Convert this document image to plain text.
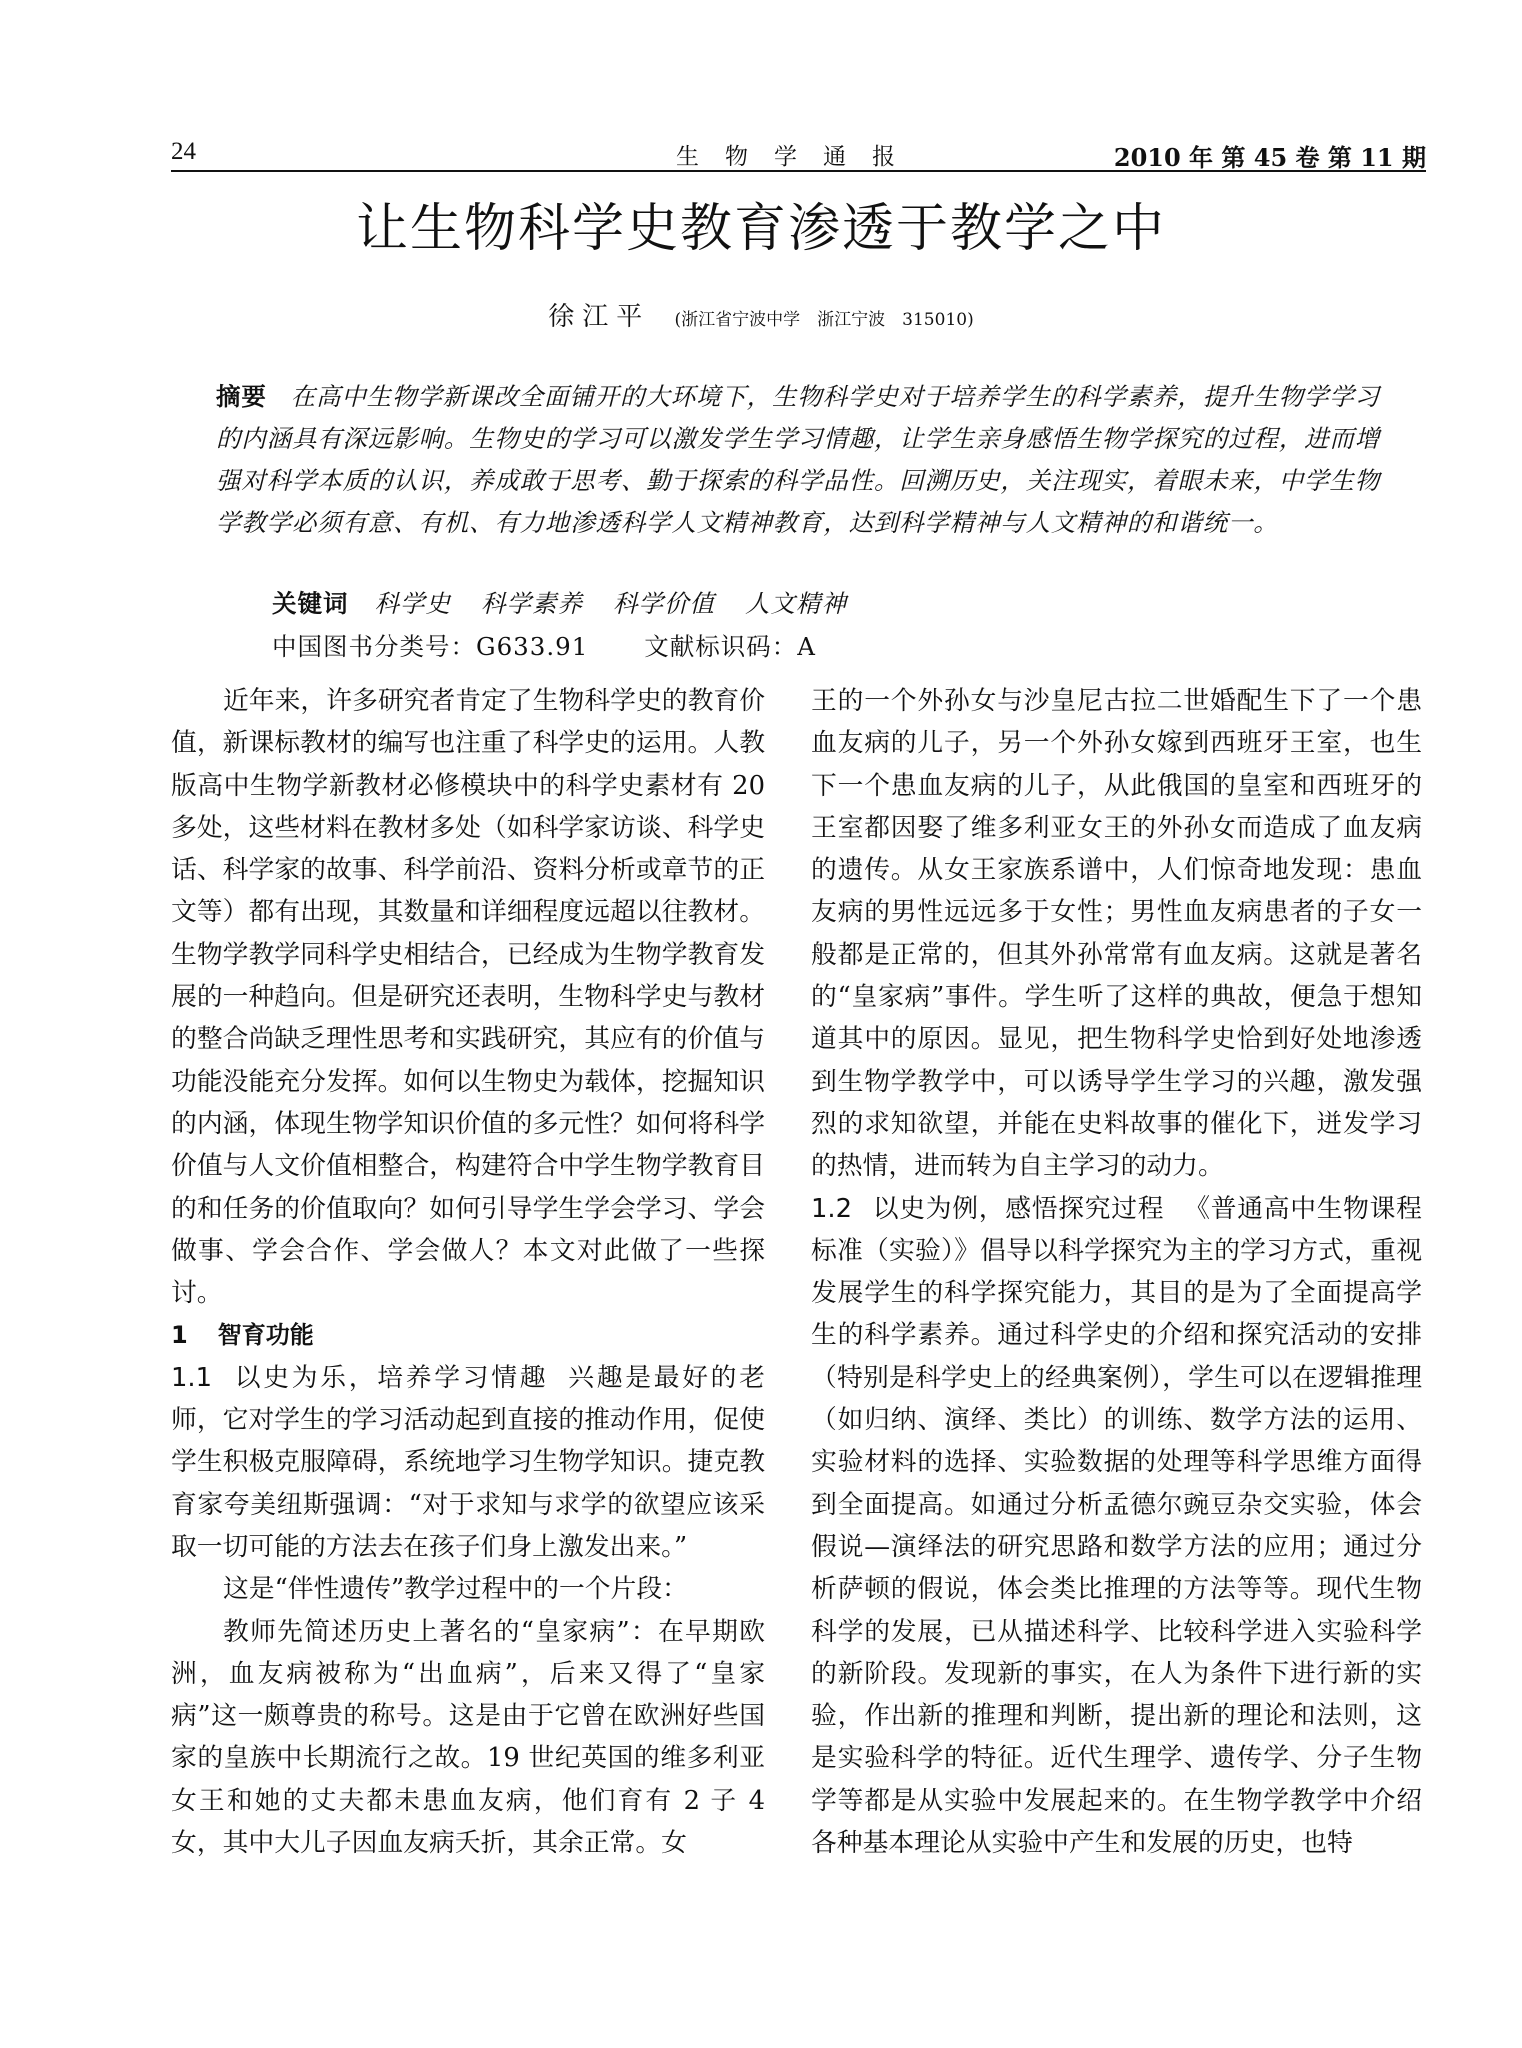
24	生物学通报	2010 年 第 45 卷 第 11 期
让生物科学史教育渗透于教学之中
徐江平 (浙江省宁波中学　浙江宁波　315010)

摘要 在高中生物学新课改全面铺开的大环境下，生物科学史对于培养学生的科学素养，提升生物学学习的内涵具有深远影响。生物史的学习可以激发学生学习情趣，让学生亲身感悟生物学探究的过程，进而增强对科学本质的认识，养成敢于思考、勤于探索的科学品性。回溯历史，关注现实，着眼未来，中学生物学教学必须有意、有机、有力地渗透科学人文精神教育，达到科学精神与人文精神的和谐统一。

关键词 科学史 科学素养 科学价值 人文精神
中国图书分类号：G633.91 文献标识码：A

近年来，许多研究者肯定了生物科学史的教育价值，新课标教材的编写也注重了科学史的运用。人教版高中生物学新教材必修模块中的科学史素材有 20 多处，这些材料在教材多处（如科学家访谈、科学史话、科学家的故事、科学前沿、资料分析或章节的正文等）都有出现，其数量和详细程度远超以往教材。生物学教学同科学史相结合，已经成为生物学教育发展的一种趋向。但是研究还表明，生物科学史与教材的整合尚缺乏理性思考和实践研究，其应有的价值与功能没能充分发挥。如何以生物史为载体，挖掘知识的内涵，体现生物学知识价值的多元性？如何将科学价值与人文价值相整合，构建符合中学生物学教育目的和任务的价值取向？如何引导学生学会学习、学会做事、学会合作、学会做人？本文对此做了一些探讨。

1 智育功能

1.1 以史为乐，培养学习情趣 兴趣是最好的老师，它对学生的学习活动起到直接的推动作用，促使学生积极克服障碍，系统地学习生物学知识。捷克教育家夸美纽斯强调：“对于求知与求学的欲望应该采取一切可能的方法去在孩子们身上激发出来。”

这是“伴性遗传”教学过程中的一个片段：

教师先简述历史上著名的“皇家病”：在早期欧洲，血友病被称为“出血病”，后来又得了“皇家病”这一颇尊贵的称号。这是由于它曾在欧洲好些国家的皇族中长期流行之故。19 世纪英国的维多利亚女王和她的丈夫都未患血友病，他们育有 2 子 4 女，其中大儿子因血友病夭折，其余正常。女

王的一个外孙女与沙皇尼古拉二世婚配生下了一个患血友病的儿子，另一个外孙女嫁到西班牙王室，也生下一个患血友病的儿子，从此俄国的皇室和西班牙的王室都因娶了维多利亚女王的外孙女而造成了血友病的遗传。从女王家族系谱中，人们惊奇地发现：患血友病的男性远远多于女性；男性血友病患者的子女一般都是正常的，但其外孙常常有血友病。这就是著名的“皇家病”事件。学生听了这样的典故，便急于想知道其中的原因。显见，把生物科学史恰到好处地渗透到生物学教学中，可以诱导学生学习的兴趣，激发强烈的求知欲望，并能在史料故事的催化下，迸发学习的热情，进而转为自主学习的动力。

1.2 以史为例，感悟探究过程 《普通高中生物课程标准（实验）》倡导以科学探究为主的学习方式，重视发展学生的科学探究能力，其目的是为了全面提高学生的科学素养。通过科学史的介绍和探究活动的安排（特别是科学史上的经典案例），学生可以在逻辑推理（如归纳、演绎、类比）的训练、数学方法的运用、实验材料的选择、实验数据的处理等科学思维方面得到全面提高。如通过分析孟德尔豌豆杂交实验，体会假说—演绎法的研究思路和数学方法的应用；通过分析萨顿的假说，体会类比推理的方法等等。现代生物科学的发展，已从描述科学、比较科学进入实验科学的新阶段。发现新的事实，在人为条件下进行新的实验，作出新的推理和判断，提出新的理论和法则，这是实验科学的特征。近代生理学、遗传学、分子生物学等都是从实验中发展起来的。在生物学教学中介绍各种基本理论从实验中产生和发展的历史，也特
